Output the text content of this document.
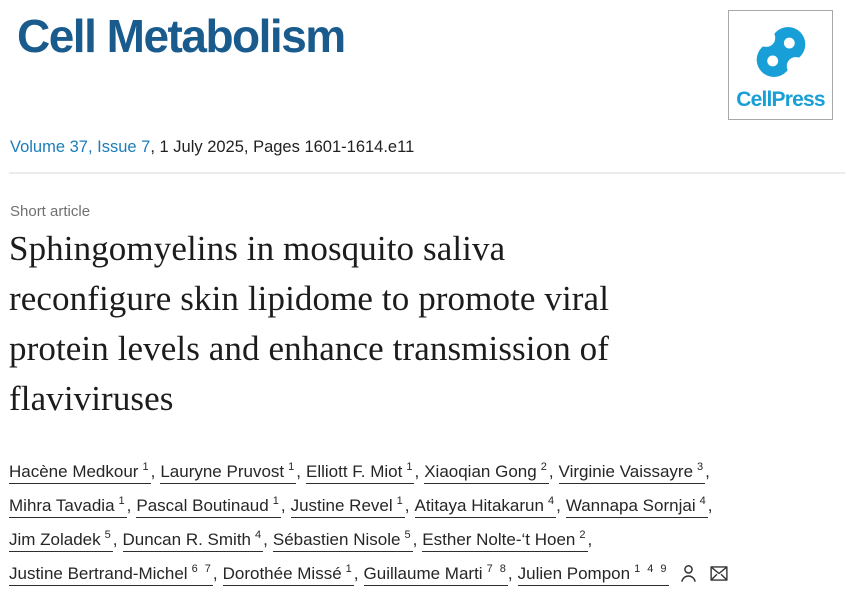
Cell Metabolism
CellPress
Volume 37, Issue 7, 1 July 2025, Pages 1601-1614.e11
Short article
Sphingomyelins in mosquito saliva
reconfigure skin lipidome to promote viral
protein levels and enhance transmission of
flaviviruses
Hacène Medkour $^1$, Lauryne Pruvost $^1$, Elliott F. Miot $^1$, Xiaoqian Gong $^2$, Virginie Vaissayre $^3$,
Mihra Tavadia $^1$, Pascal Boutinaud $^1$, Justine Revel $^1$, Atitaya Hitakarun $^4$, Wannapa Sornjai $^4$,
Jim Zoladek $^5$, Duncan R. Smith $^4$, Sébastien Nisole $^5$, Esther Nolte-‘t Hoen $^2$,
Justine Bertrand-Michel $^{6 7}$, Dorothée Missé $^1$, Guillaume Marti $^{7 8}$, Julien Pompon $^{1 4 9}$
